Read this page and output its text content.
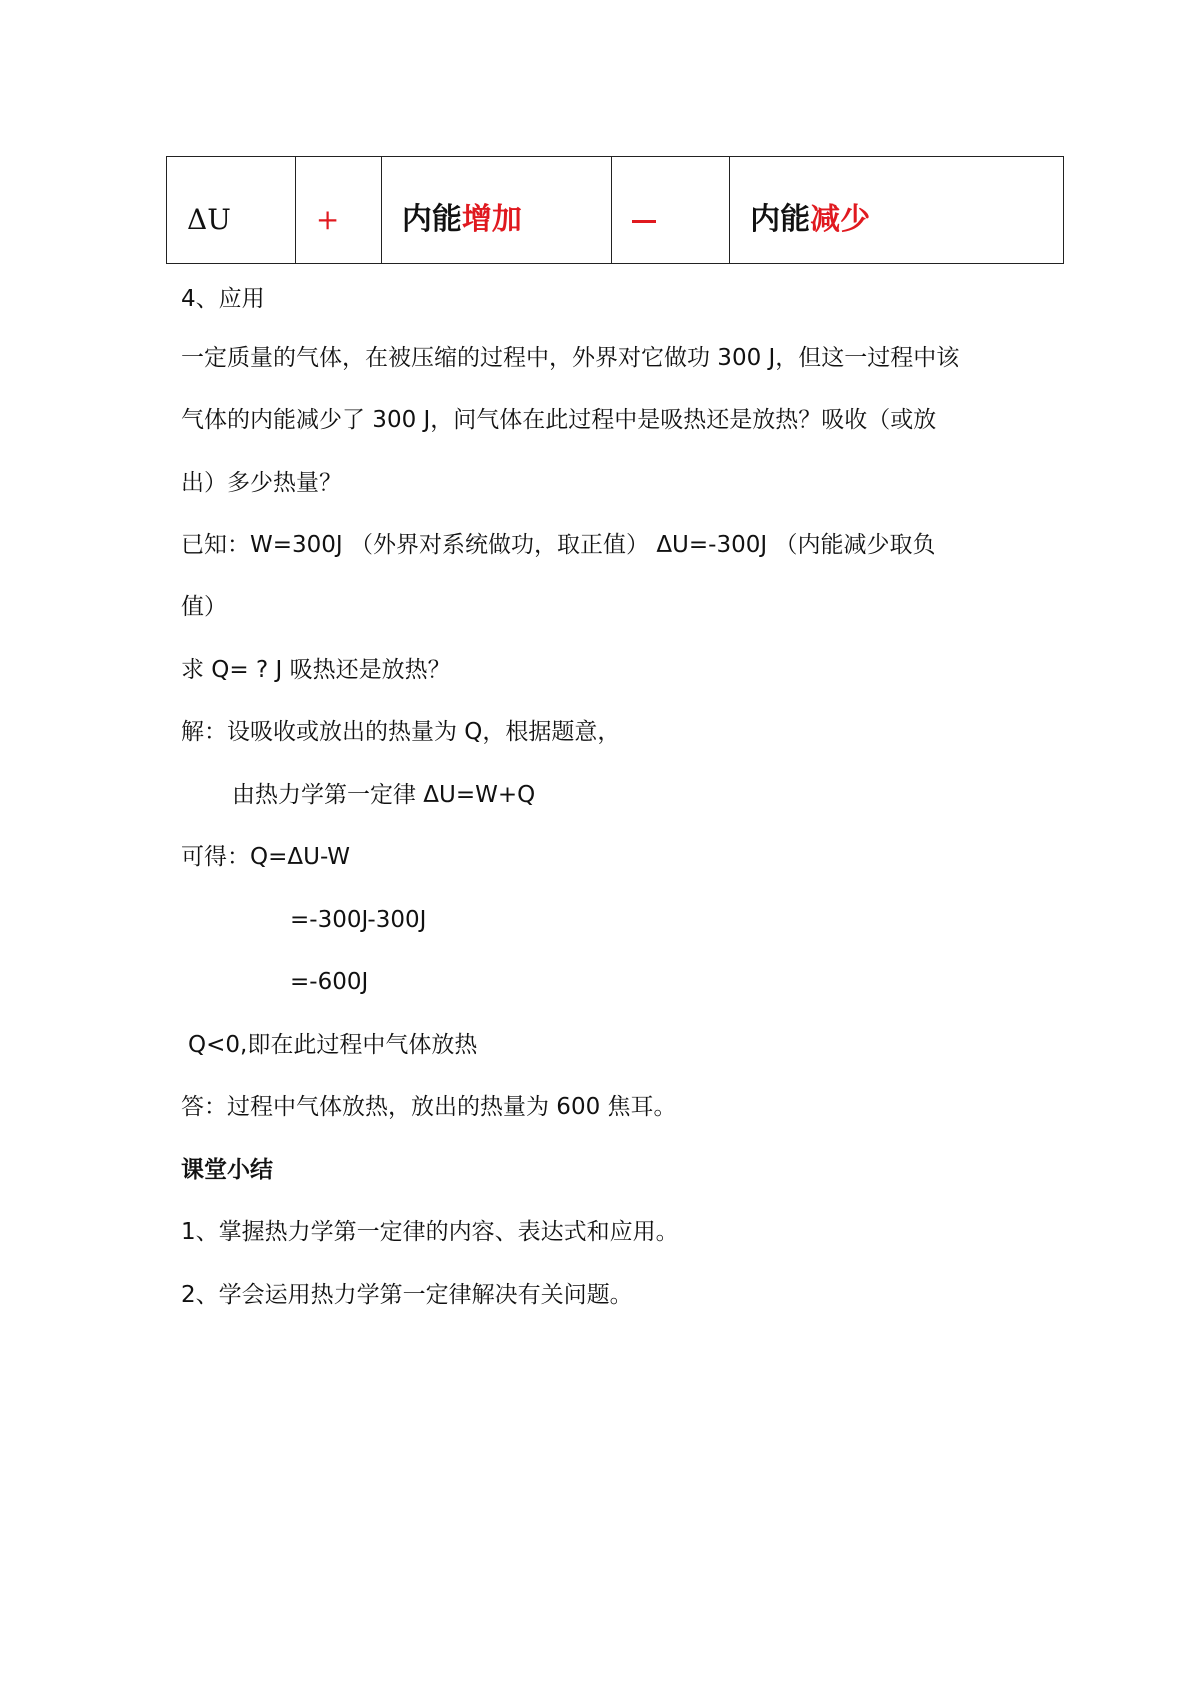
ΔU	+	内能增加		内能减少
4、应用
一定质量的气体，在被压缩的过程中，外界对它做功 300 J，但这一过程中该
气体的内能减少了 300 J，问气体在此过程中是吸热还是放热？吸收（或放
出）多少热量？
已知：W=300J （外界对系统做功，取正值） ΔU=-300J （内能减少取负
值）
求 Q= ? J 吸热还是放热？
解：设吸收或放出的热量为 Q，根据题意，
由热力学第一定律 ΔU=W+Q
可得：Q=ΔU-W
=-300J-300J
=-600J
Q<0,即在此过程中气体放热
答：过程中气体放热，放出的热量为 600 焦耳。
课堂小结
1、掌握热力学第一定律的内容、表达式和应用。
2、学会运用热力学第一定律解决有关问题。
